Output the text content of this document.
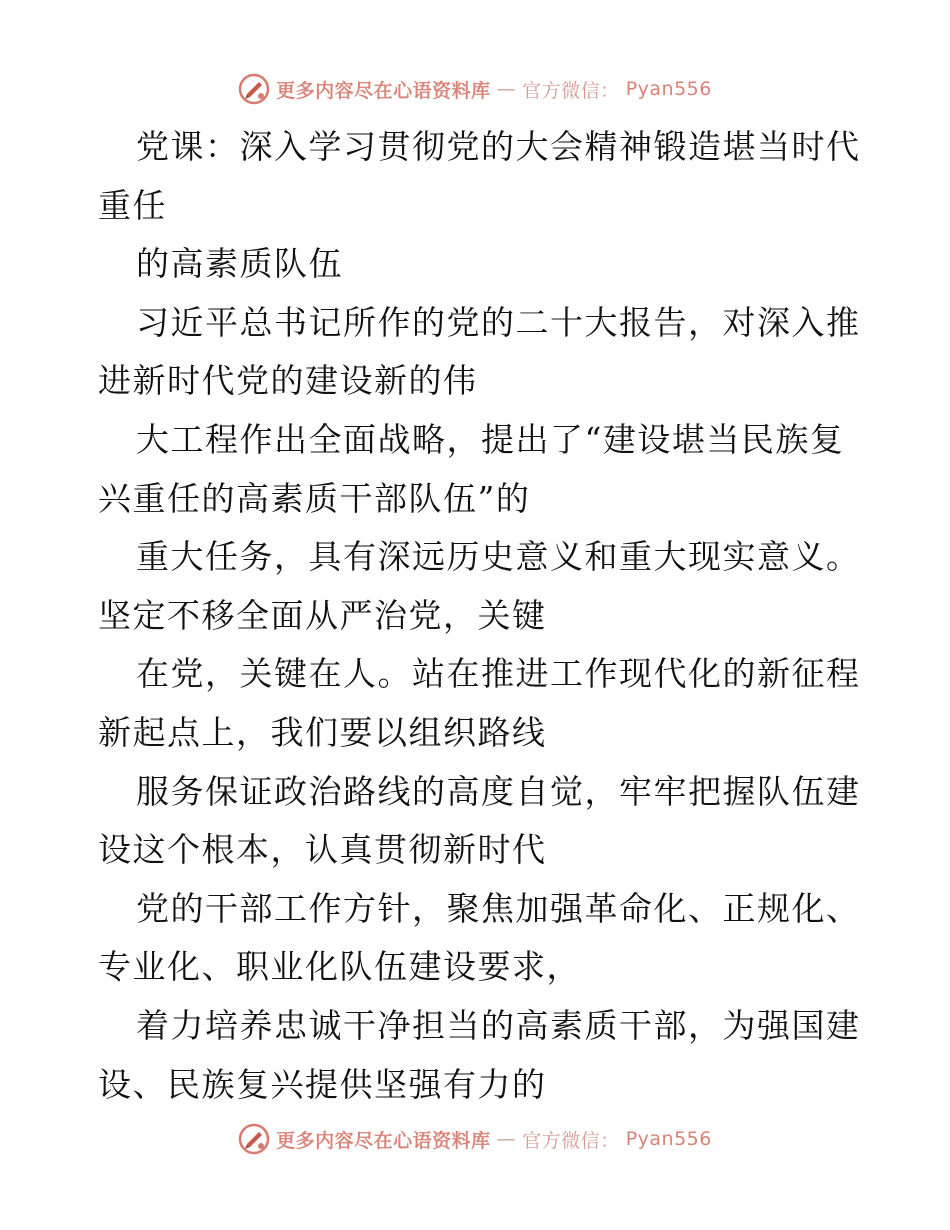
更多内容尽在心语资料库 — 官方微信： Pyan556
党课：深入学习贯彻党的大会精神锻造堪当时代
重任
的高素质队伍
习近平总书记所作的党的二十大报告，对深入推
进新时代党的建设新的伟
大工程作出全面战略，提出了“建设堪当民族复
兴重任的高素质干部队伍”的
重大任务，具有深远历史意义和重大现实意义。
坚定不移全面从严治党，关键
在党，关键在人。站在推进工作现代化的新征程
新起点上，我们要以组织路线
服务保证政治路线的高度自觉，牢牢把握队伍建
设这个根本，认真贯彻新时代
党的干部工作方针，聚焦加强革命化、正规化、
专业化、职业化队伍建设要求，
着力培养忠诚干净担当的高素质干部，为强国建
设、民族复兴提供坚强有力的
更多内容尽在心语资料库 — 官方微信： Pyan556
